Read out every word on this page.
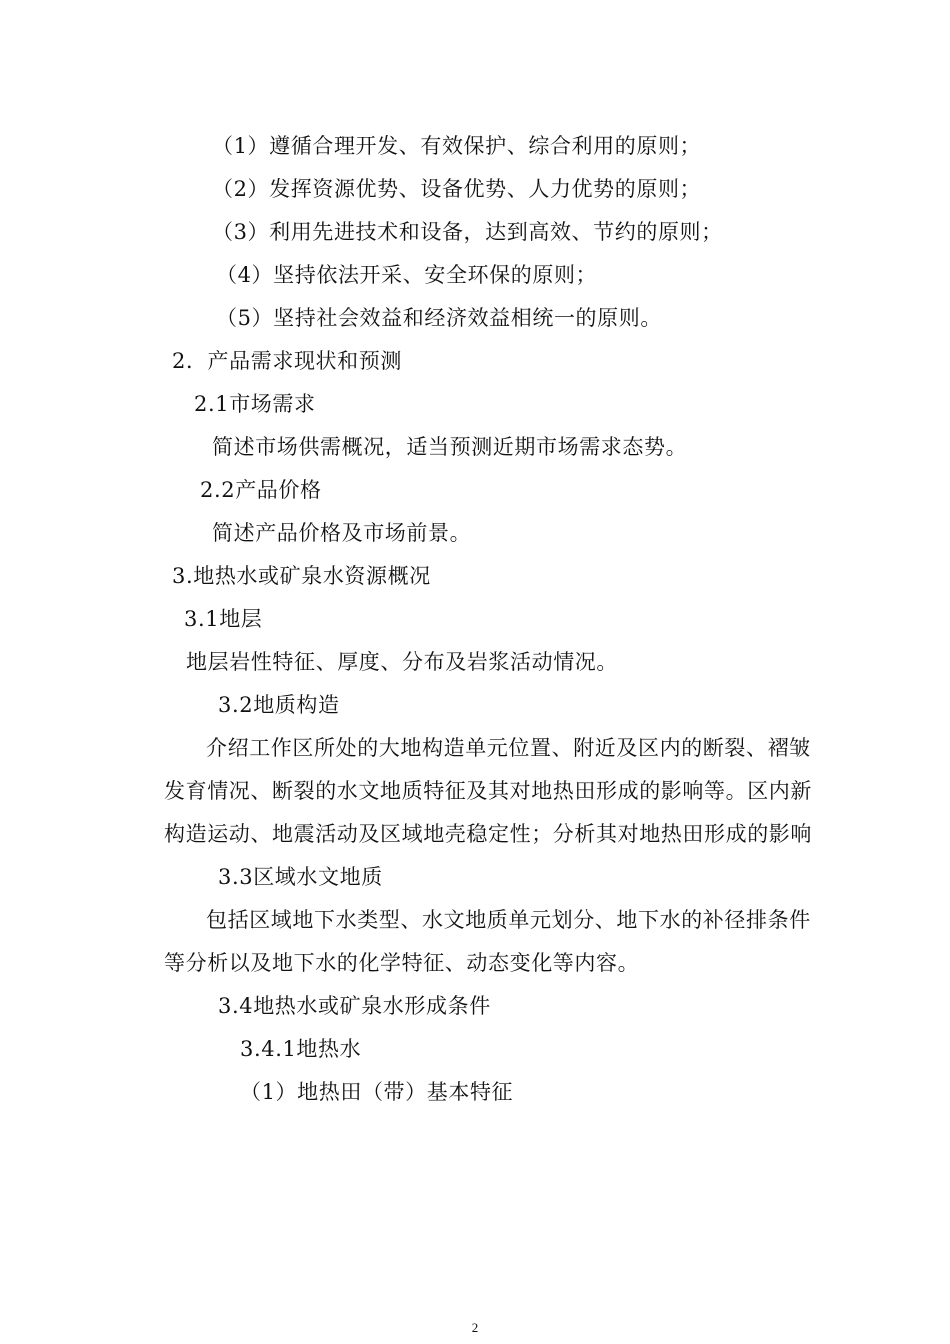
（1）遵循合理开发、有效保护、综合利用的原则；
（2）发挥资源优势、设备优势、人力优势的原则；
（3）利用先进技术和设备，达到高效、节约的原则；
（4）坚持依法开采、安全环保的原则；
（5）坚持社会效益和经济效益相统一的原则。
2．产品需求现状和预测
2.1市场需求
简述市场供需概况，适当预测近期市场需求态势。
2.2产品价格
简述产品价格及市场前景。
3.地热水或矿泉水资源概况
3.1地层
地层岩性特征、厚度、分布及岩浆活动情况。
3.2地质构造
介绍工作区所处的大地构造单元位置、附近及区内的断裂、褶皱
发育情况、断裂的水文地质特征及其对地热田形成的影响等。区内新
构造运动、地震活动及区域地壳稳定性；分析其对地热田形成的影响
3.3区域水文地质
包括区域地下水类型、水文地质单元划分、地下水的补径排条件
等分析以及地下水的化学特征、动态变化等内容。
3.4地热水或矿泉水形成条件
3.4.1地热水
（1）地热田（带）基本特征
2
